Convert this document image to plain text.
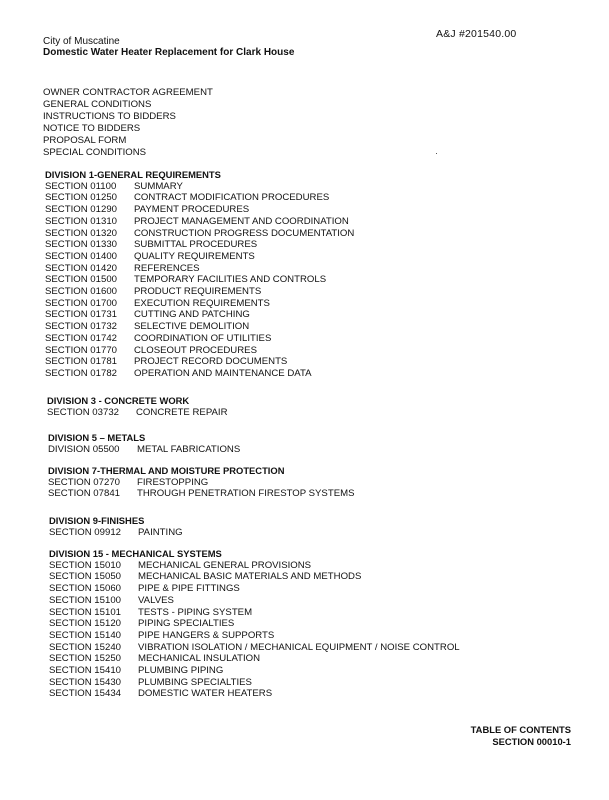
A&J #201540.00
City of Muscatine
Domestic Water Heater Replacement for Clark House
OWNER CONTRACTOR AGREEMENT
GENERAL CONDITIONS
INSTRUCTIONS TO BIDDERS
NOTICE TO BIDDERS
PROPOSAL FORM
SPECIAL CONDITIONS
DIVISION 1-GENERAL REQUIREMENTS
SECTION 01100	SUMMARY
SECTION 01250	CONTRACT MODIFICATION PROCEDURES
SECTION 01290	PAYMENT PROCEDURES
SECTION 01310	PROJECT MANAGEMENT AND COORDINATION
SECTION 01320	CONSTRUCTION PROGRESS DOCUMENTATION
SECTION 01330	SUBMITTAL PROCEDURES
SECTION 01400	QUALITY REQUIREMENTS
SECTION 01420	REFERENCES
SECTION 01500	TEMPORARY FACILITIES AND CONTROLS
SECTION 01600	PRODUCT REQUIREMENTS
SECTION 01700	EXECUTION REQUIREMENTS
SECTION 01731	CUTTING AND PATCHING
SECTION 01732	SELECTIVE DEMOLITION
SECTION 01742	COORDINATION OF UTILITIES
SECTION 01770	CLOSEOUT PROCEDURES
SECTION 01781	PROJECT RECORD DOCUMENTS
SECTION 01782	OPERATION AND MAINTENANCE DATA
DIVISION 3 - CONCRETE WORK
SECTION 03732	CONCRETE REPAIR
DIVISION 5 – METALS
DIVISION 05500	METAL FABRICATIONS
DIVISION 7-THERMAL AND MOISTURE PROTECTION
SECTION 07270	FIRESTOPPING
SECTION 07841	THROUGH PENETRATION FIRESTOP SYSTEMS
DIVISION 9-FINISHES
SECTION 09912	PAINTING
DIVISION 15 - MECHANICAL SYSTEMS
SECTION 15010	MECHANICAL GENERAL PROVISIONS
SECTION 15050	MECHANICAL BASIC MATERIALS AND METHODS
SECTION 15060	PIPE & PIPE FITTINGS
SECTION 15100	VALVES
SECTION 15101	TESTS - PIPING SYSTEM
SECTION 15120	PIPING SPECIALTIES
SECTION 15140	PIPE HANGERS & SUPPORTS
SECTION 15240	VIBRATION ISOLATION / MECHANICAL EQUIPMENT / NOISE CONTROL
SECTION 15250	MECHANICAL INSULATION
SECTION 15410	PLUMBING PIPING
SECTION 15430	PLUMBING SPECIALTIES
SECTION 15434	DOMESTIC WATER HEATERS
TABLE OF CONTENTS
SECTION 00010-1
